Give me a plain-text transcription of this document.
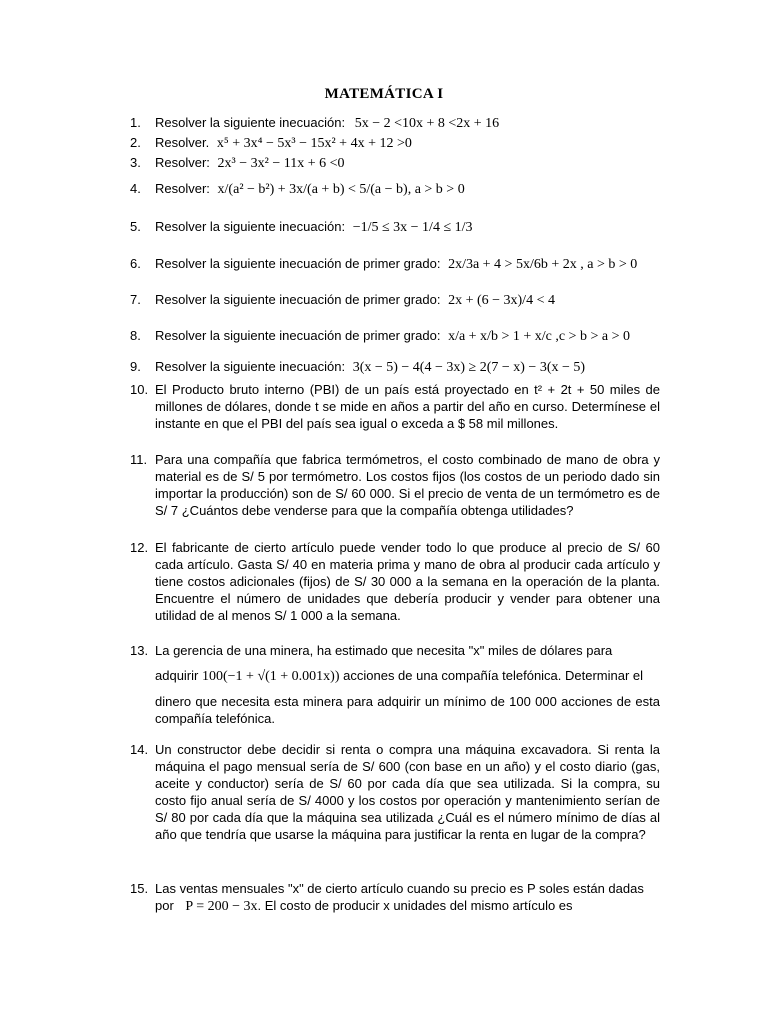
MATEMÁTICA I
1.	Resolver la siguiente inecuación: 5x − 2 <10x + 8 <2x + 16
2.	Resolver. x⁵ + 3x⁴ − 5x³ − 15x² + 4x + 12 >0
3.	Resolver: 2x³ − 3x² − 11x + 6 <0
4.	Resolver: x/(a² − b²) + 3x/(a + b) < 5/(a − b), a > b > 0
5.	Resolver la siguiente inecuación: −1/5 ≤ 3x − 1/4 ≤ 1/3
6.	Resolver la siguiente inecuación de primer grado: 2x/3a + 4 > 5x/6b + 2x , a > b > 0
7.	Resolver la siguiente inecuación de primer grado: 2x + (6 − 3x)/4 < 4
8.	Resolver la siguiente inecuación de primer grado: x/a + x/b > 1 + x/c ,c > b > a > 0
9.	Resolver la siguiente inecuación: 3(x − 5) − 4(4 − 3x) ≥ 2(7 − x) − 3(x − 5)
10. El Producto bruto interno (PBI) de un país está proyectado en t² + 2t + 50 miles de millones de dólares, donde t se mide en años a partir del año en curso. Determínese el instante en que el PBI del país sea igual o exceda a $ 58 mil millones.
11. Para una compañía que fabrica termómetros, el costo combinado de mano de obra y material es de S/ 5 por termómetro. Los costos fijos (los costos de un periodo dado sin importar la producción) son de S/ 60 000. Si el precio de venta de un termómetro es de S/ 7 ¿Cuántos debe venderse para que la compañía obtenga utilidades?
12. El fabricante de cierto artículo puede vender todo lo que produce al precio de S/ 60 cada artículo. Gasta S/ 40 en materia prima y mano de obra al producir cada artículo y tiene costos adicionales (fijos) de S/ 30 000 a la semana en la operación de la planta. Encuentre el número de unidades que debería producir y vender para obtener una utilidad de al menos S/ 1 000 a la semana.
13. La gerencia de una minera, ha estimado que necesita "x" miles de dólares para
adquirir 100(−1 + √(1 + 0.001x)) acciones de una compañía telefónica. Determinar el
dinero que necesita esta minera para adquirir un mínimo de 100 000 acciones de esta compañía telefónica.
14. Un constructor debe decidir si renta o compra una máquina excavadora. Si renta la máquina el pago mensual sería de S/ 600 (con base en un año) y el costo diario (gas, aceite y conductor) sería de S/ 60 por cada día que sea utilizada. Si la compra, su costo fijo anual sería de S/ 4000 y los costos por operación y mantenimiento serían de S/ 80 por cada día que la máquina sea utilizada ¿Cuál es el número mínimo de días al año que tendría que usarse la máquina para justificar la renta en lugar de la compra?
15. Las ventas mensuales "x" de cierto artículo cuando su precio es P soles están dadas
por P = 200 − 3x. El costo de producir x unidades del mismo artículo es
